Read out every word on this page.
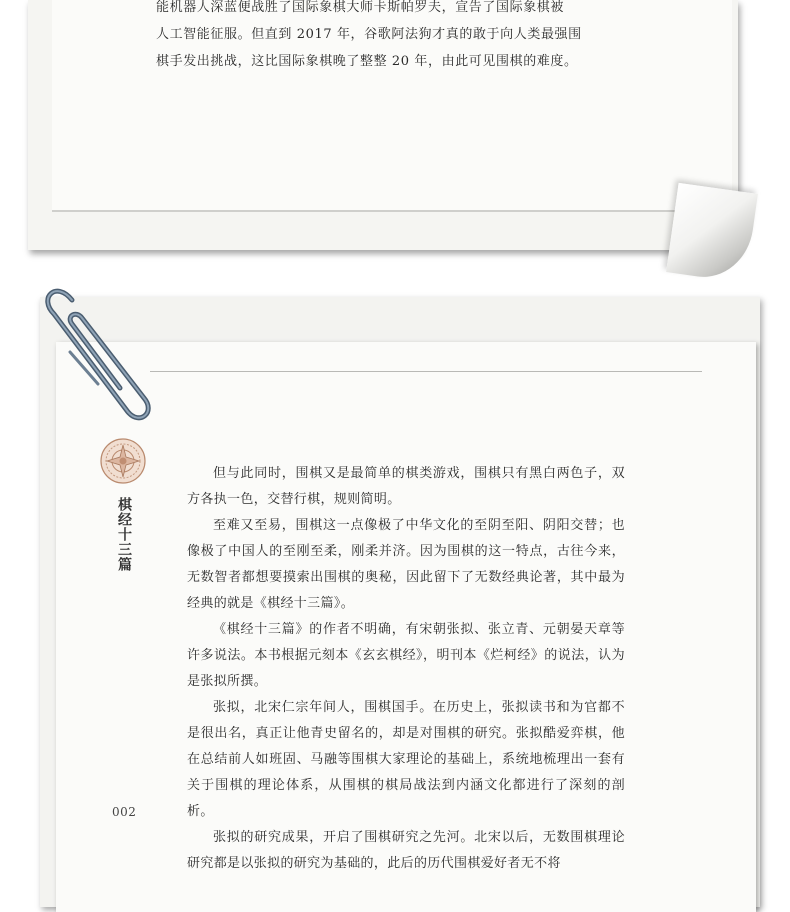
能机器人深蓝便战胜了国际象棋大师卡斯帕罗夫，宣告了国际象棋被

人工智能征服。但直到 2017 年，谷歌阿法狗才真的敢于向人类最强围

棋手发出挑战，这比国际象棋晚了整整 20 年，由此可见围棋的难度。

棋经十三篇
002

但与此同时，围棋又是最简单的棋类游戏，围棋只有黑白两色子，双方各执一色，交替行棋，规则简明。

至难又至易，围棋这一点像极了中华文化的至阴至阳、阴阳交替；也像极了中国人的至刚至柔，刚柔并济。因为围棋的这一特点，古往今来，无数智者都想要摸索出围棋的奥秘，因此留下了无数经典论著，其中最为经典的就是《棋经十三篇》。

《棋经十三篇》的作者不明确，有宋朝张拟、张立青、元朝晏天章等许多说法。本书根据元刻本《玄玄棋经》，明刊本《烂柯经》的说法，认为是张拟所撰。

张拟，北宋仁宗年间人，围棋国手。在历史上，张拟读书和为官都不是很出名，真正让他青史留名的，却是对围棋的研究。张拟酷爱弈棋，他在总结前人如班固、马融等围棋大家理论的基础上，系统地梳理出一套有关于围棋的理论体系，从围棋的棋局战法到内涵文化都进行了深刻的剖析。

张拟的研究成果，开启了围棋研究之先河。北宋以后，无数围棋理论研究都是以张拟的研究为基础的，此后的历代围棋爱好者无不将
